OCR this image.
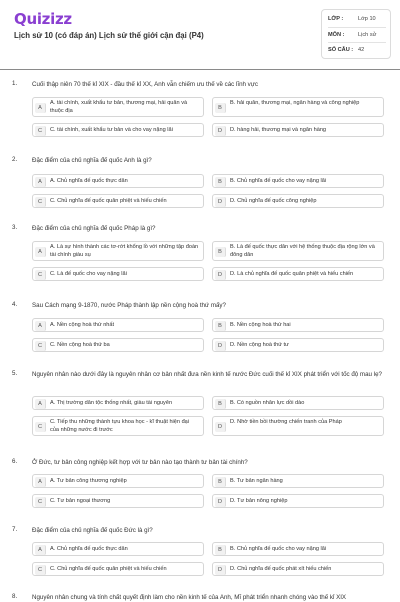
Quizizz
Lịch sử 10 (có đáp án) Lịch sử thế giới cận đại (P4)
LỚP :	Lớp 10
MÔN : Lịch sử
SỐ CÂU : 42
1. Cuối thập niên 70 thế kỉ XIX - đầu thế kỉ XX, Anh vẫn chiếm ưu thế về các lĩnh vực
A
A. tài chính, xuất khẩu tư bản, thương mại, hải quân và thuộc địa	B
B. hải quân, thương mại, ngân hàng và công nghiệp
C	C. tài chính, xuất khẩu tư bản và cho vay nặng lãi	D	D. hàng hải, thương mại và ngân hàng
2. Đặc điểm của chủ nghĩa đế quốc Anh là gì?
A	A. Chủ nghĩa đế quốc thực dân	B	B. Chủ nghĩa đế quốc cho vay nặng lãi
C	C. Chủ nghĩa đế quốc quân phiệt và hiếu chiến	D	D. Chủ nghĩa đế quốc công nghiệp
3. Đặc điểm của chủ nghĩa đế quốc Pháp là gì?
A
A. Là sự hình thành các tơ-rớt khổng lồ với những tập đoàn tài chính giàu sụ	B
B. Là đế quốc thực dân với hệ thống thuộc địa rộng lớn và đông dân
C	C. Là đế quốc cho vay nặng lãi	D	D. Là chủ nghĩa đế quốc quân phiệt và hiếu chiến
4. Sau Cách mạng 9-1870, nước Pháp thành lập nền cộng hoà thứ mấy?
A	A. Nền cộng hoà thứ nhất	B	B. Nền cộng hoà thứ hai
C	C. Nền cộng hoà thứ ba	D	D. Nền cộng hoà thứ tư
5. Nguyên nhân nào dưới đây là nguyên nhân cơ bản nhất đưa nền kinh tế nước Đức cuối thế kỉ XIX phát triển với tốc độ mau lẹ?
A	A. Thị trường dân tộc thống nhất, giàu tài nguyên	B	B. Có nguồn nhân lực dồi dào
C
C. Tiếp thu những thành tựu khoa học - kĩ thuật hiện đại của những nước đi trước	D
D. Nhờ tiền bồi thường chiến tranh của Pháp
6. Ở Đức, tư bản công nghiệp kết hợp với tư bản nào tạo thành tư bản tài chính?
A	A. Tư bản công thương nghiệp	B	B. Tư bản ngân hàng
C	C. Tư bản ngoại thương	D	D. Tư bản nông nghiệp
7. Đặc điểm của chủ nghĩa đế quốc Đức là gì?
A	A. Chủ nghĩa đế quốc thực dân	B	B. Chủ nghĩa đế quốc cho vay nặng lãi
C	C. Chủ nghĩa đế quốc quân phiệt và hiếu chiến	D	D. Chủ nghĩa đế quốc phát xít hiếu chiến
8. Nguyên nhân chung và tính chất quyết định làm cho nền kinh tế của Anh, Mĩ phát triển nhanh chóng vào thế kỉ XIX
